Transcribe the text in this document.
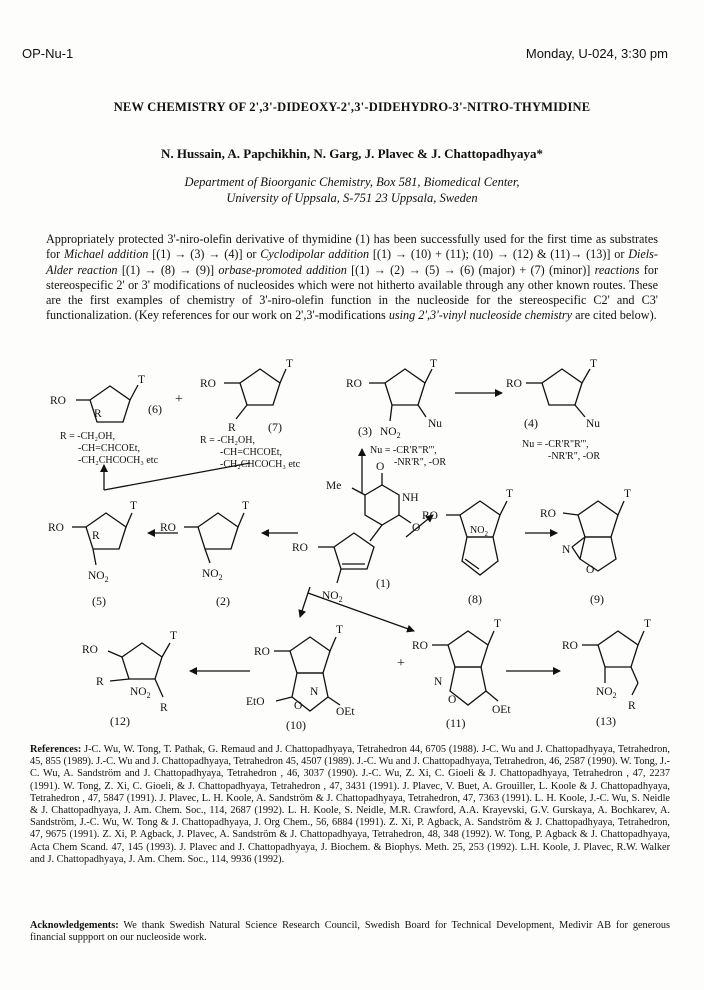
OP-Nu-1	Monday, U-024, 3:30 pm
NEW CHEMISTRY OF 2',3'-DIDEOXY-2',3'-DIDEHYDRO-3'-NITRO-THYMIDINE
N. Hussain, A. Papchikhin, N. Garg, J. Plavec & J. Chattopadhyaya*
Department of Bioorganic Chemistry, Box 581, Biomedical Center,
University of Uppsala, S-751 23 Uppsala, Sweden
Appropriately protected 3'-niro-olefin derivative of thymidine (1) has been successfully used for the first time as substrates for Michael addition [(1) → (3) → (4)] or Cyclodipolar addition [(1) → (10) + (11); (10) → (12) & (11)→ (13)] or Diels-Alder reaction [(1) → (8) → (9)] orbase-promoted addition [(1) → (2) → (5) → (6) (major) + (7) (minor)] reactions for stereospecific 2' or 3' modifications of nucleosides which were not hitherto available through any other known routes. These are the first examples of chemistry of 3'-niro-olefin function in the nucleoside for the stereospecific C2' and C3' functionalization. (Key references for our work on 2',3'-modifications using 2',3'-vinyl nucleoside chemistry are cited below).
RO
T
R	(6)
R = -CH₂OH,
-CH=CHCOEt,
-CH₂CHCOCH₃ etc
+
RO
T
R	(7)
R = -CH₂OH,
-CH=CHCOEt,
-CH₂CHCOCH₃ etc
RO
T
(3) $NO_2$
Nu
Nu = -CR'R"R''',
-NR'R", -OR
RO
T
(4)	Nu
Nu = -CR'R"R''',
-NR'R", -OR
O
NH
O
Me
RO
$NO_2$
(1)
RO
T
$NO_2$
(2)
RO
T
R
$NO_2$
(5)
RO
T
$NO_2$
(8)
RO
T
N
O
(9)
RO
T
R
$NO_2$
R
(12)
RO
T
EtO	O
N
OEt
(10)
+
RO
T
N
O
OEt
(11)
RO
T
$NO_2$
R
(13)
References: J-C. Wu, W. Tong, T. Pathak, G. Remaud and J. Chattopadhyaya, Tetrahedron 44, 6705 (1988). J-C. Wu and J. Chattopadhyaya, Tetrahedron, 45, 855 (1989). J.-C. Wu and J. Chattopadhyaya, Tetrahedron 45, 4507 (1989). J.-C. Wu and J. Chattopadhyaya, Tetrahedron, 46, 2587 (1990). W. Tong, J.-C. Wu, A. Sandström and J. Chattopadhyaya, Tetrahedron , 46, 3037 (1990). J.-C. Wu, Z. Xi, C. Gioeli & J. Chattopadhyaya, Tetrahedron , 47, 2237 (1991). W. Tong, Z. Xi, C. Gioeli, & J. Chattopadhyaya, Tetrahedron , 47, 3431 (1991). J. Plavec, V. Buet, A. Grouiller, L. Koole & J. Chattopadhyaya, Tetrahedron , 47, 5847 (1991). J. Plavec, L. H. Koole, A. Sandström & J. Chattopadhyaya, Tetrahedron, 47, 7363 (1991). L. H. Koole, J.-C. Wu, S. Neidle & J. Chattopadhyaya, J. Am. Chem. Soc., 114, 2687 (1992). L. H. Koole, S. Neidle, M.R. Crawford, A.A. Krayevski, G.V. Gurskaya, A. Bochkarev, A. Sandström, J.-C. Wu, W. Tong & J. Chattopadhyaya, J. Org Chem., 56, 6884 (1991). Z. Xi, P. Agback, A. Sandström & J. Chattopadhyaya, Tetrahedron, 47, 9675 (1991). Z. Xi, P. Agback, J. Plavec, A. Sandström & J. Chattopadhyaya, Tetrahedron, 48, 348 (1992). W. Tong, P. Agback & J. Chattopadhyaya, Acta Chem Scand. 47, 145 (1993). J. Plavec and J. Chattopadhyaya, J. Biochem. & Biophys. Meth. 25, 253 (1992). L.H. Koole, J. Plavec, R.W. Walker and J. Chattopadhyaya, J. Am. Chem. Soc., 114, 9936 (1992).
Acknowledgements: We thank Swedish Natural Science Research Council, Swedish Board for Technical Development, Medivir AB for generous financial suppport on our nucleoside work.
